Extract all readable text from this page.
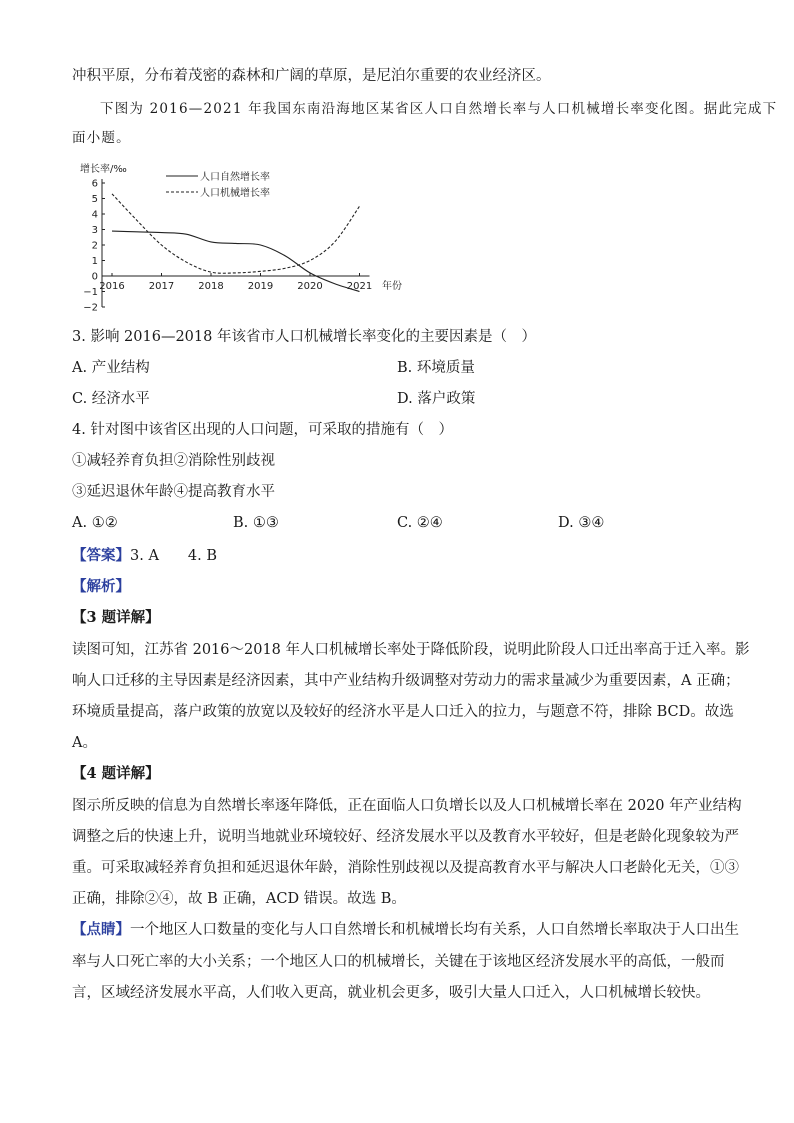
冲积平原，分布着茂密的森林和广阔的草原，是尼泊尔重要的农业经济区。
下图为 2016—2021 年我国东南沿海地区某省区人口自然增长率与人口机械增长率变化图。据此完成下
面小题。
增长率/‰
年份
6
5
4
3
2
1
0
−1
−2
2016 2017 2018 2019 2020 2021
人口自然增长率
人口机械增长率
3. 影响 2016—2018 年该省市人口机械增长率变化的主要因素是（　）
A. 产业结构	B. 环境质量
C. 经济水平	D. 落户政策
4. 针对图中该省区出现的人口问题，可采取的措施有（　）
①减轻养育负担②消除性别歧视
③延迟退休年龄④提高教育水平
A. ①②	B. ①③	C. ②④	D. ③④
【答案】3. A　　4. B
【解析】
【3 题详解】
读图可知，江苏省 2016～2018 年人口机械增长率处于降低阶段，说明此阶段人口迁出率高于迁入率。影
响人口迁移的主导因素是经济因素，其中产业结构升级调整对劳动力的需求量减少为重要因素，A 正确；
环境质量提高，落户政策的放宽以及较好的经济水平是人口迁入的拉力，与题意不符，排除 BCD。故选
A。
【4 题详解】
图示所反映的信息为自然增长率逐年降低，正在面临人口负增长以及人口机械增长率在 2020 年产业结构
调整之后的快速上升，说明当地就业环境较好、经济发展水平以及教育水平较好，但是老龄化现象较为严
重。可采取减轻养育负担和延迟退休年龄，消除性别歧视以及提高教育水平与解决人口老龄化无关，①③
正确，排除②④，故 B 正确，ACD 错误。故选 B。
【点睛】一个地区人口数量的变化与人口自然增长和机械增长均有关系，人口自然增长率取决于人口出生
率与人口死亡率的大小关系；一个地区人口的机械增长，关键在于该地区经济发展水平的高低，一般而
言，区域经济发展水平高，人们收入更高，就业机会更多，吸引大量人口迁入，人口机械增长较快。
